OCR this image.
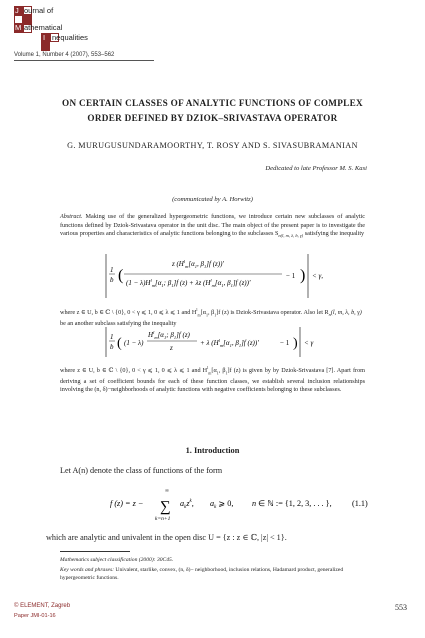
J ournal of
M athematical
I nequalities
Volume 1, Number 4 (2007), 553–562
ON CERTAIN CLASSES OF ANALYTIC FUNCTIONS OF COMPLEX
ORDER DEFINED BY DZIOK–SRIVASTAVA OPERATOR
G. MURUGUSUNDARAMOORTHY, T. ROSY AND S. SIVASUBRAMANIAN
Dedicated to late Professor M. S. Kasi
(communicated by A. Horwitz)
Abstract. Making use of the generalized hypergeometric functions, we introduce certain new subclasses of analytic functions defined by Dziok-Srivastava operator in the unit disc. The main object of the present paper is to investigate the various properties and characteristics of analytic functions belonging to the subclasses $S_{n(l, m, \lambda, b, \gamma)}$ satisfying the inequality
1
b (
z ($H^l_m[\alpha_1$, $\beta_1]f$ (z))′
$(1 - \lambda)H^l_m[\alpha_1$; $\beta_1]f$ (z) + λz ($H^l_m[\alpha_1$, $\beta_1]f$ (z))′
− 1 ) < γ,
where z ∈ U, b ∈ ℂ \ {0}, 0 < γ ⩽ 1, 0 ⩽ λ ⩽ 1 and $H^l_m[\alpha_1$, $\beta_1]f$ (z) is Dziok-Srivastava operator. Also let $R_n(l$, m, λ, b, γ) be an another subclass satisfying the inequality
1
b ( (1 − λ)
$H^l_m[\alpha_1$; $\beta_1]f$ (z)
z
+ λ ($H^l_m[\alpha_1$, $\beta_1]f$ (z))′	− 1 ) < γ
where z ∈ U, b ∈ ℂ \ {0}, 0 < γ ⩽ 1, 0 ⩽ λ ⩽ 1 and $H^l_m[\alpha_1$, $\beta_1]f$ (z) is given by by Dziok-Srivastava [7]. Apart from deriving a set of coefficient bounds for each of these function classes, we establish several inclusion relationships involving the (n, δ)−neighborhoods of analytic functions with negative coefficients belonging to these subclasses.
1. Introduction
Let A(n) denote the class of functions of the form
f (z) = z −
∞
∑
k=n+1
$a_kz^k$, $a_k$ ⩾ 0, n ∈ ℕ := {1, 2, 3, . . . }, (1.1)
which are analytic and univalent in the open disc U = {z : z ∈ ℂ, |z| < 1}.
Mathematics subject classification (2000): 30C45.
Key words and phrases: Univalent, starlike, convex, (n, δ)− neighborhood, inclusion relations, Hadamard product, generalized hypergeometric functions.
© ELEMENT, Zagreb
Paper JMI-01-16
553
